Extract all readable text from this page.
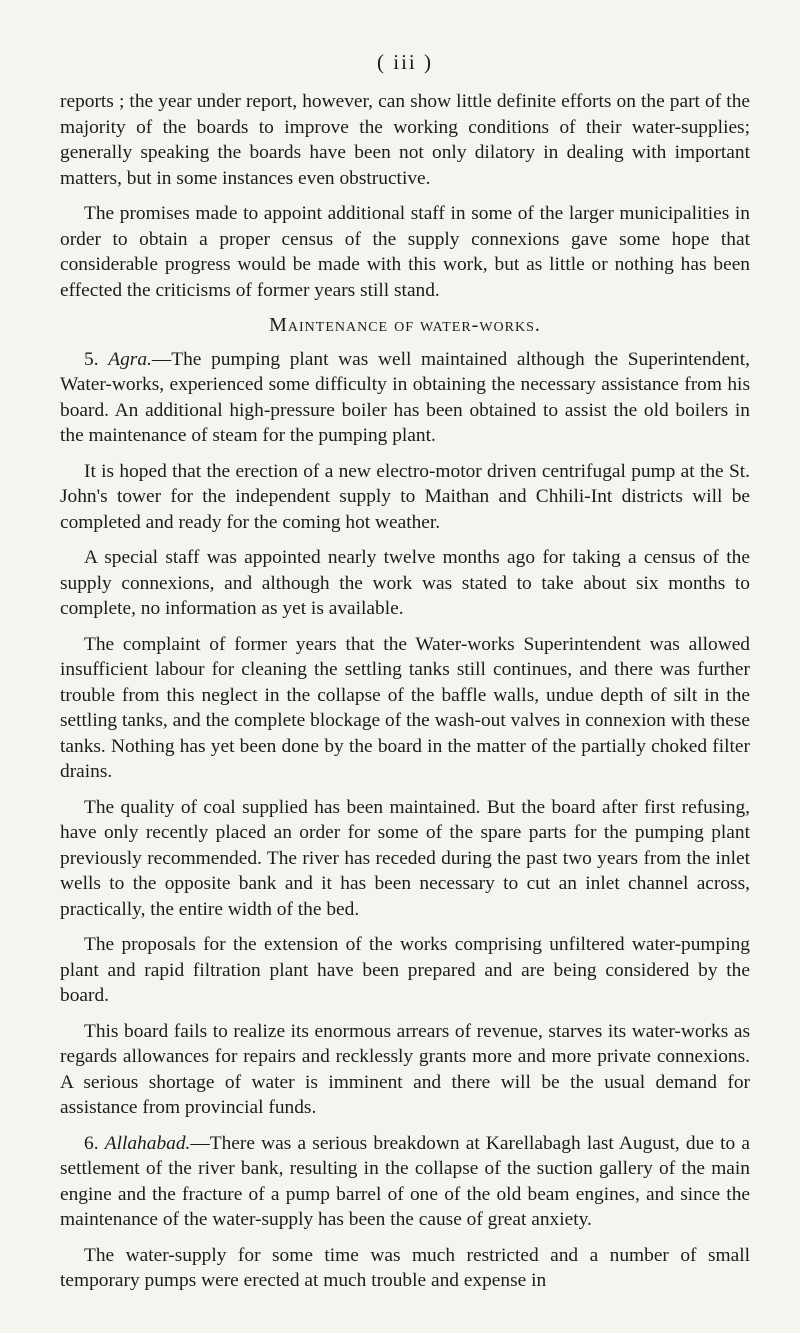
( iii )

reports ; the year under report, however, can show little definite efforts on the part of the majority of the boards to improve the working conditions of their water-supplies; generally speaking the boards have been not only dilatory in dealing with important matters, but in some instances even obstructive.

The promises made to appoint additional staff in some of the larger municipalities in order to obtain a proper census of the supply connexions gave some hope that considerable progress would be made with this work, but as little or nothing has been effected the criticisms of former years still stand.

Maintenance of water-works.

5. Agra.—The pumping plant was well maintained although the Superintendent, Water-works, experienced some difficulty in obtaining the necessary assistance from his board. An additional high-pressure boiler has been obtained to assist the old boilers in the maintenance of steam for the pumping plant.

It is hoped that the erection of a new electro-motor driven centrifugal pump at the St. John's tower for the independent supply to Maithan and Chhili-Int districts will be completed and ready for the coming hot weather.

A special staff was appointed nearly twelve months ago for taking a census of the supply connexions, and although the work was stated to take about six months to complete, no information as yet is available.

The complaint of former years that the Water-works Superintendent was allowed insufficient labour for cleaning the settling tanks still continues, and there was further trouble from this neglect in the collapse of the baffle walls, undue depth of silt in the settling tanks, and the complete blockage of the wash-out valves in connexion with these tanks. Nothing has yet been done by the board in the matter of the partially choked filter drains.

The quality of coal supplied has been maintained. But the board after first refusing, have only recently placed an order for some of the spare parts for the pumping plant previously recommended. The river has receded during the past two years from the inlet wells to the opposite bank and it has been necessary to cut an inlet channel across, practically, the entire width of the bed.

The proposals for the extension of the works comprising unfiltered water-pumping plant and rapid filtration plant have been prepared and are being considered by the board.

This board fails to realize its enormous arrears of revenue, starves its water-works as regards allowances for repairs and recklessly grants more and more private connexions. A serious shortage of water is imminent and there will be the usual demand for assistance from provincial funds.

6. Allahabad.—There was a serious breakdown at Karellabagh last August, due to a settlement of the river bank, resulting in the collapse of the suction gallery of the main engine and the fracture of a pump barrel of one of the old beam engines, and since the maintenance of the water-supply has been the cause of great anxiety.

The water-supply for some time was much restricted and a number of small temporary pumps were erected at much trouble and expense in
